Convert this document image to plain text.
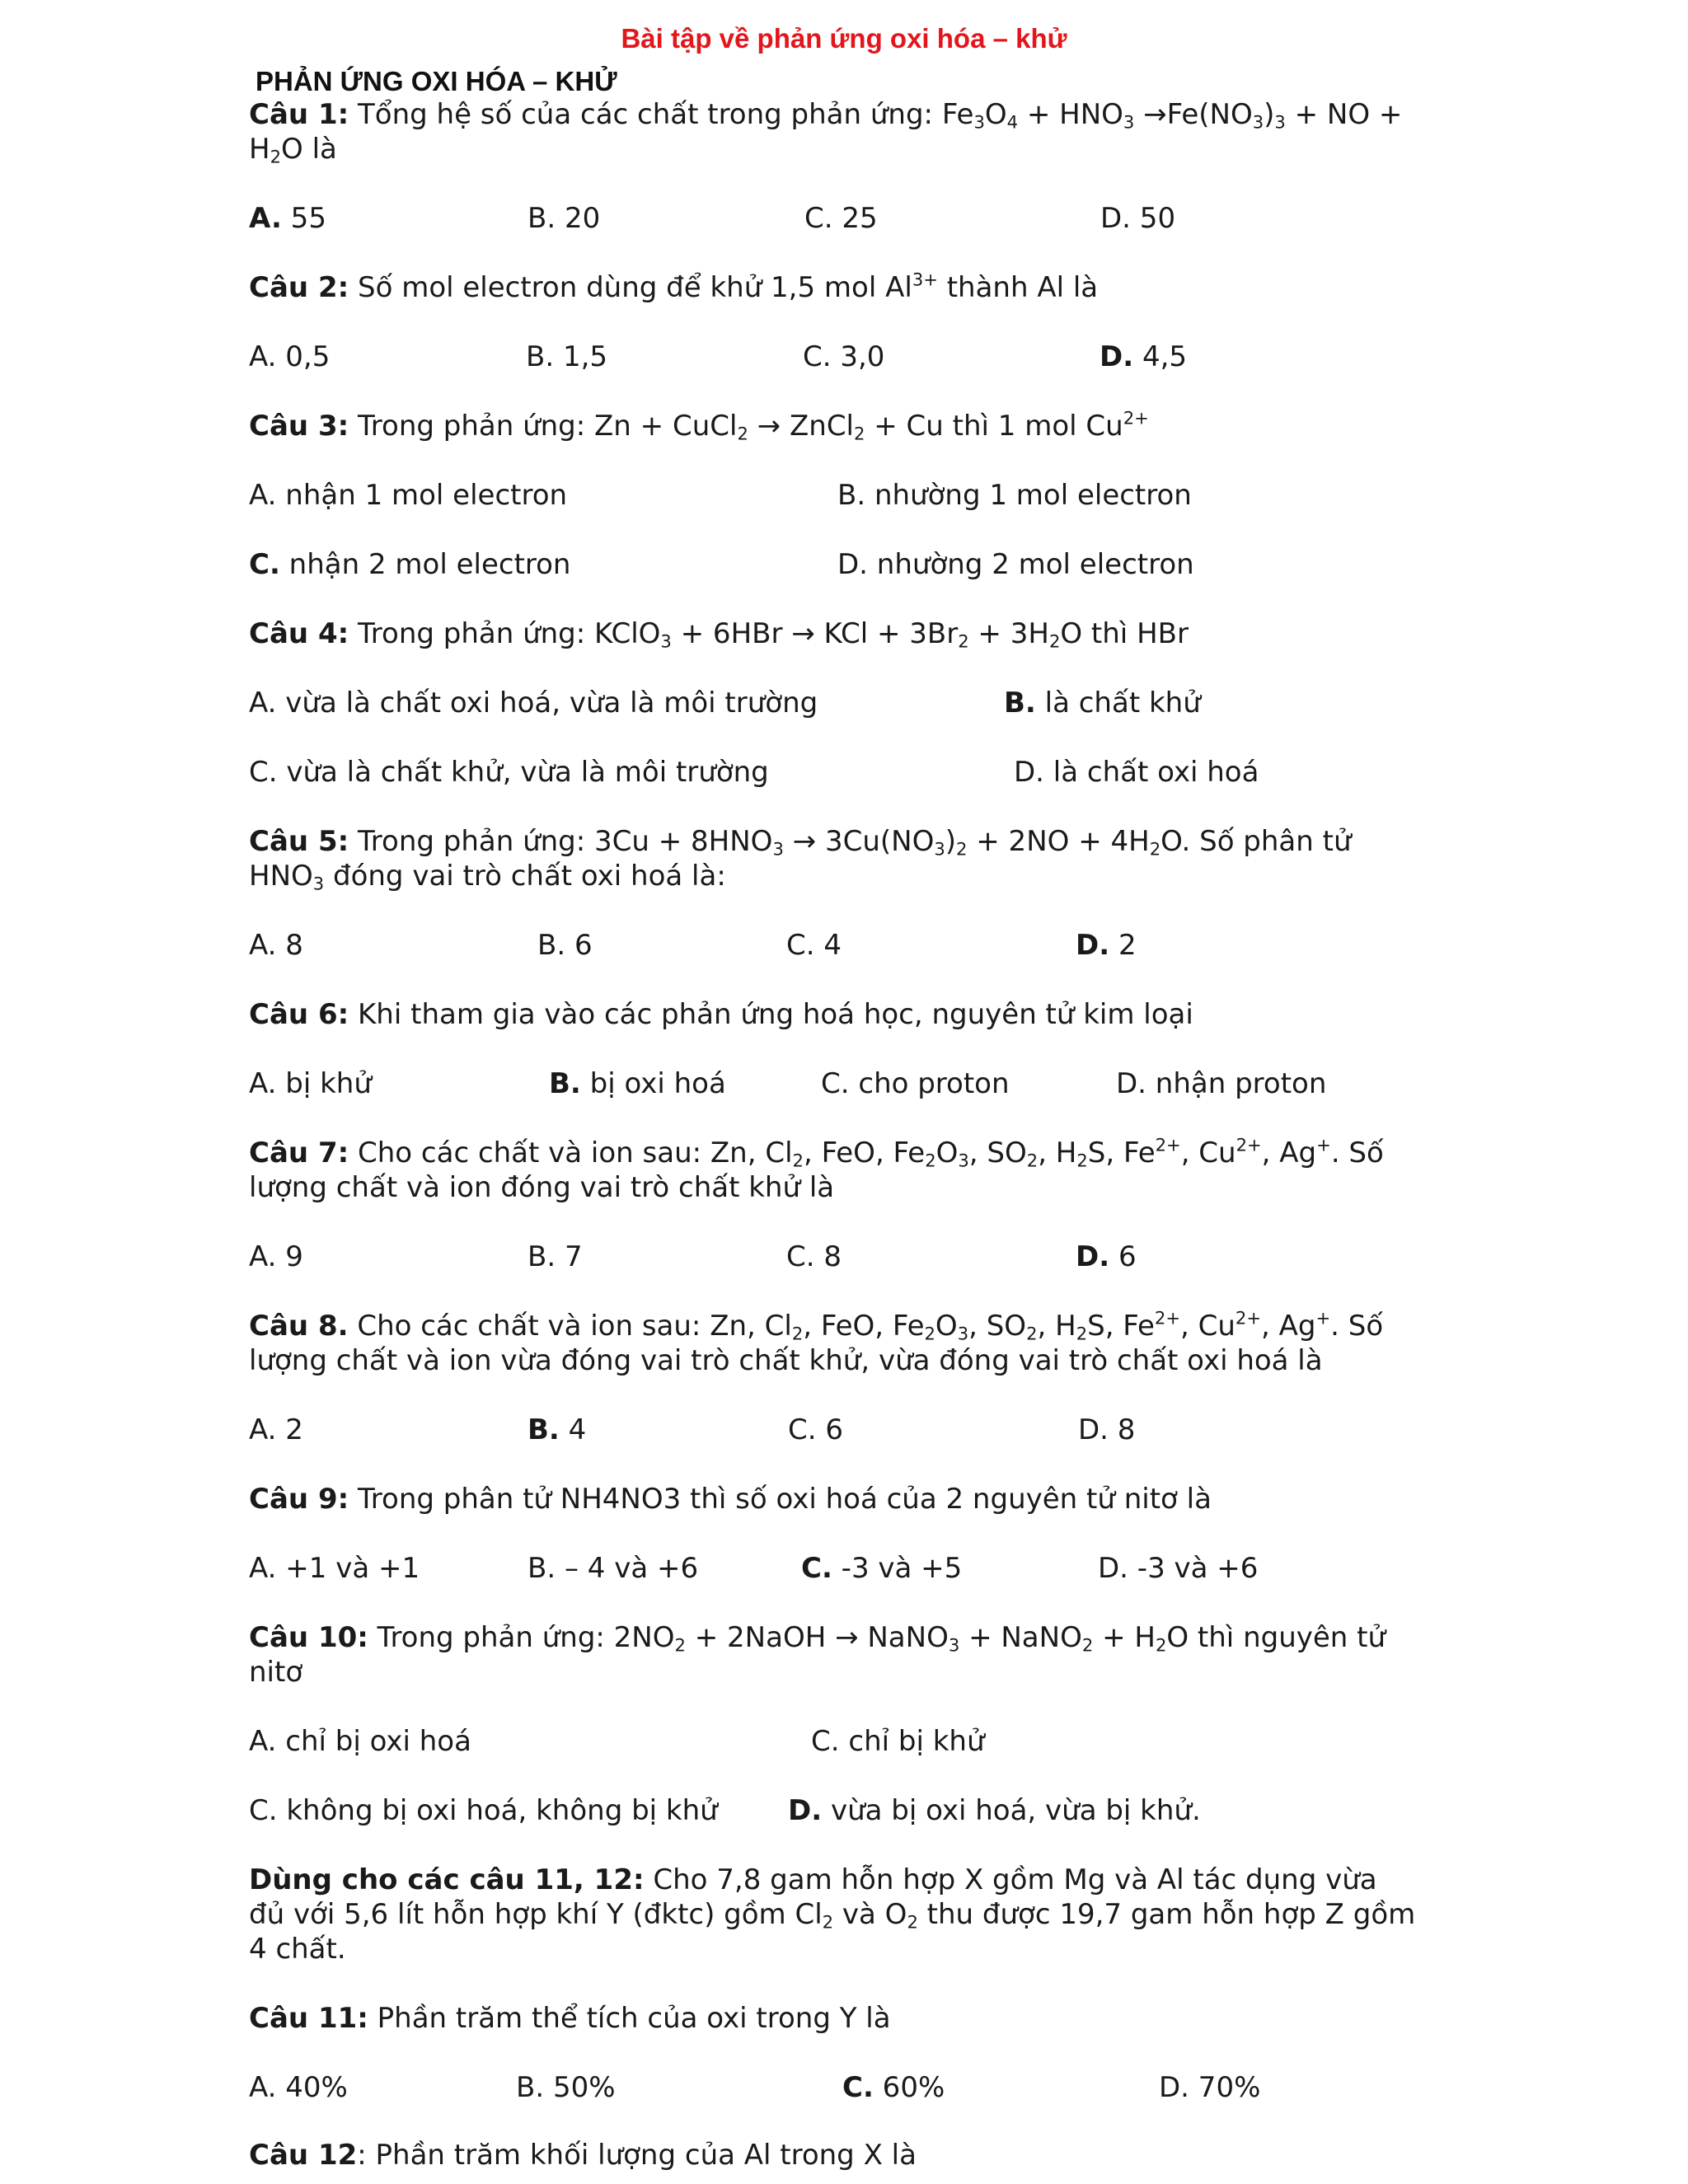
Bài tập về phản ứng oxi hóa – khử
PHẢN ỨNG OXI HÓA – KHỬ
Câu 1: Tổng hệ số của các chất trong phản ứng: $Fe_3O_4 + HNO_3 \to Fe(NO_3)_3$ + NO + $H_2O$ là
A. 55	B. 20	C. 25	D. 50
Câu 2: Số mol electron dùng để khử 1,5 mol $Al^{3+}$ thành Al là
A. 0,5	B. 1,5	C. 3,0	D. 4,5
Câu 3: Trong phản ứng: Zn + CuCl$_2$ → ZnCl$_2$ + Cu thì 1 mol $Cu^{2+}$
A. nhận 1 mol electron	B. nhường 1 mol electron
C. nhận 2 mol electron	D. nhường 2 mol electron
Câu 4: Trong phản ứng: KClO$_3$ + 6HBr → KCl + $3Br_2 + 3H_2O$ thì HBr
A. vừa là chất oxi hoá, vừa là môi trường	B. là chất khử
C. vừa là chất khử, vừa là môi trường	D. là chất oxi hoá
Câu 5: Trong phản ứng: $3Cu + 8HNO_3 \to 3Cu(NO_3)_2 + 2NO + 4H_2O$. Số phân tử $HNO_3$ đóng vai trò chất oxi hoá là:
A. 8	B. 6	C. 4	D. 2
Câu 6: Khi tham gia vào các phản ứng hoá học, nguyên tử kim loại
A. bị khử	B. bị oxi hoá	C. cho proton	D. nhận proton
Câu 7: Cho các chất và ion sau: Zn, $Cl_2$, FeO, $Fe_2O_3$, $SO_2$, $H_2S$, $Fe^{2+}$, $Cu^{2+}$, Ag+. Số lượng chất và ion đóng vai trò chất khử là
A. 9	B. 7	C. 8	D. 6
Câu 8. Cho các chất và ion sau: Zn, $Cl_2$, FeO, $Fe_2O_3$, $SO_2$, $H_2S$, $Fe^{2+}$, $Cu^{2+}$, Ag+. Số lượng chất và ion vừa đóng vai trò chất khử, vừa đóng vai trò chất oxi hoá là
A. 2	B. 4	C. 6	D. 8
Câu 9: Trong phân tử NH4NO3 thì số oxi hoá của 2 nguyên tử nitơ là
A. +1 và +1	B. – 4 và +6	C. -3 và +5	D. -3 và +6
Câu 10: Trong phản ứng: $2NO_2$ + 2NaOH → NaNO$_3$ + NaNO$_2$ + $H_2O$ thì nguyên tử nitơ
A. chỉ bị oxi hoá	C. chỉ bị khử
C. không bị oxi hoá, không bị khử	D. vừa bị oxi hoá, vừa bị khử.
Dùng cho các câu 11, 12: Cho 7,8 gam hỗn hợp X gồm Mg và Al tác dụng vừa đủ với 5,6 lít hỗn hợp khí Y (đktc) gồm $Cl_2$ và $O_2$ thu được 19,7 gam hỗn hợp Z gồm 4 chất.
Câu 11: Phần trăm thể tích của oxi trong Y là
A. 40%	B. 50%	C. 60%	D. 70%
Câu 12: Phần trăm khối lượng của Al trong X là
